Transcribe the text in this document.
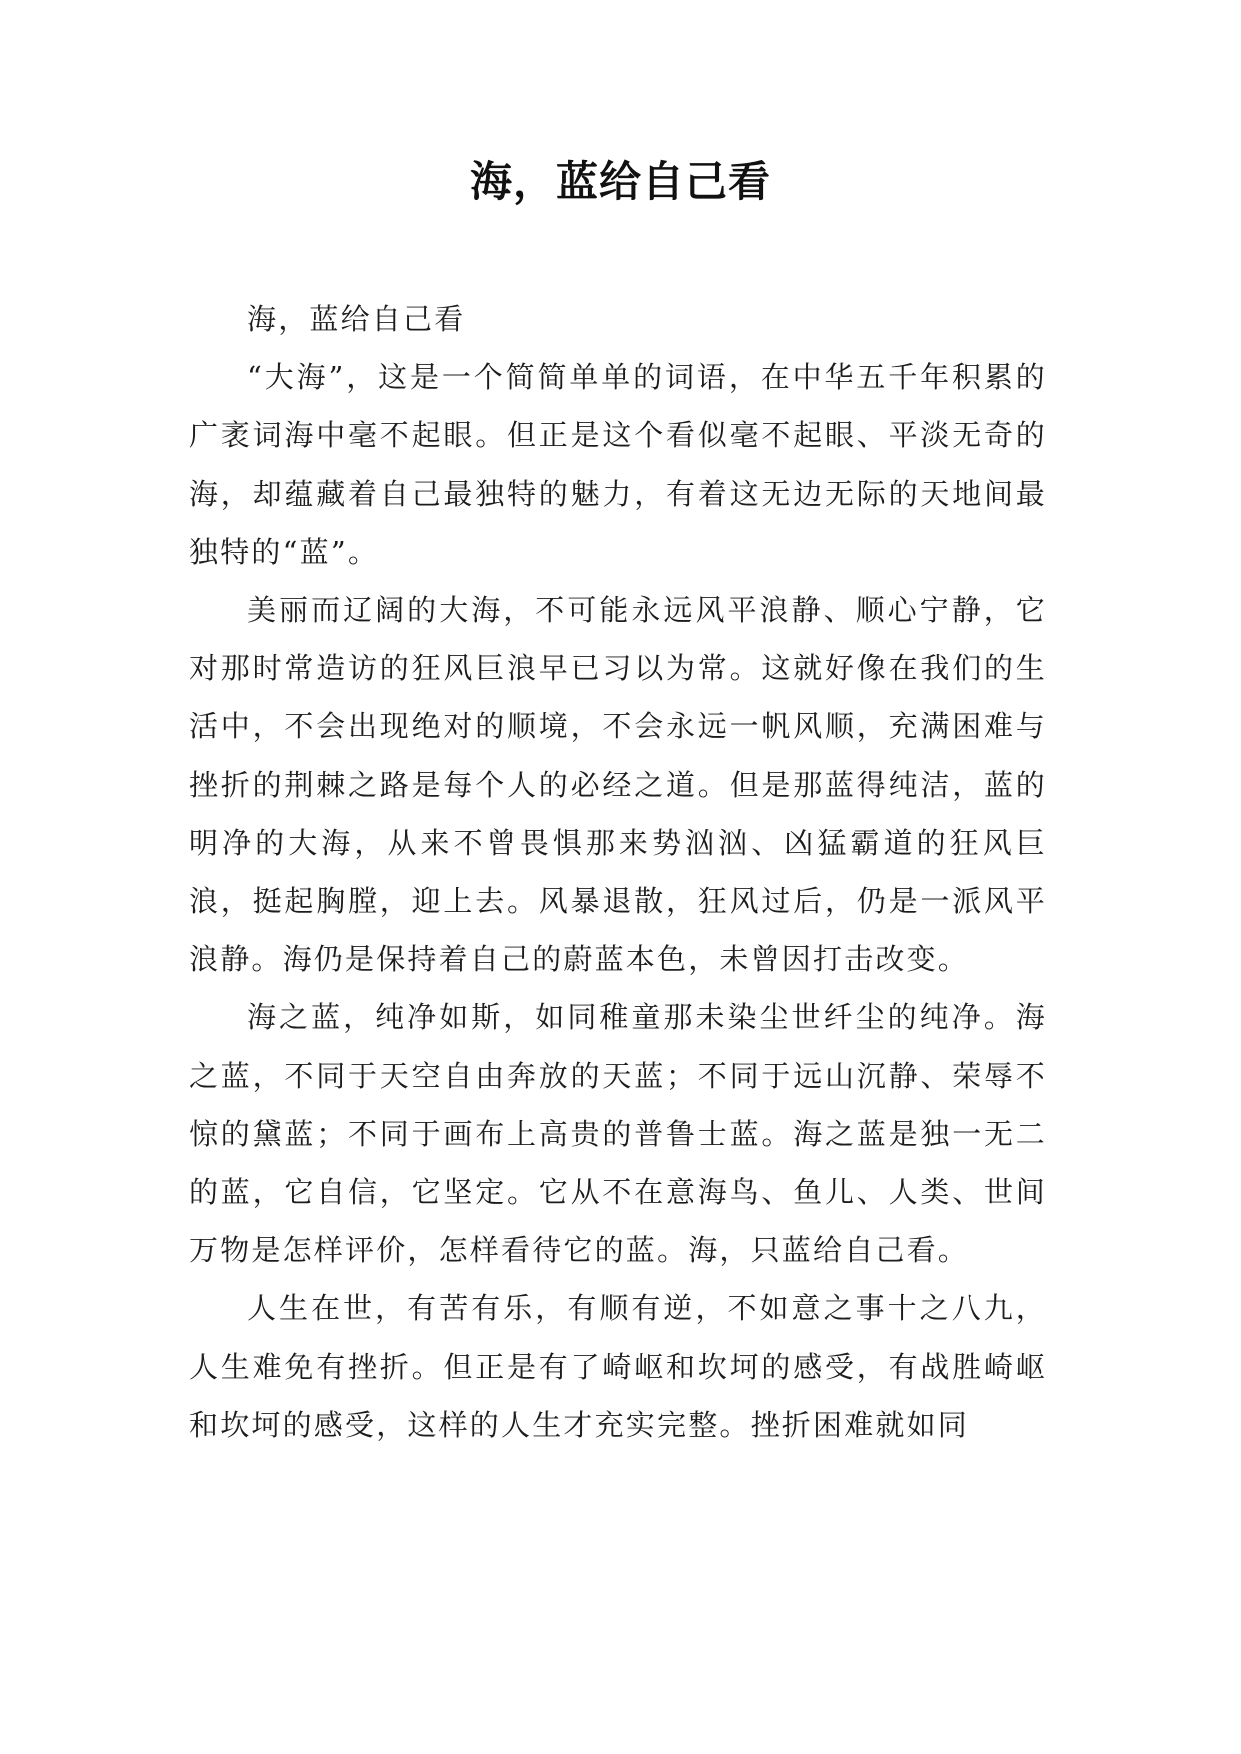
海，蓝给自己看

海，蓝给自己看

“大海”，这是一个简简单单的词语，在中华五千年积累的广袤词海中毫不起眼。但正是这个看似毫不起眼、平淡无奇的海，却蕴藏着自己最独特的魅力，有着这无边无际的天地间最独特的“蓝”。

美丽而辽阔的大海，不可能永远风平浪静、顺心宁静，它对那时常造访的狂风巨浪早已习以为常。这就好像在我们的生活中，不会出现绝对的顺境，不会永远一帆风顺，充满困难与挫折的荆棘之路是每个人的必经之道。但是那蓝得纯洁，蓝的明净的大海，从来不曾畏惧那来势汹汹、凶猛霸道的狂风巨浪，挺起胸膛，迎上去。风暴退散，狂风过后，仍是一派风平浪静。海仍是保持着自己的蔚蓝本色，未曾因打击改变。

海之蓝，纯净如斯，如同稚童那未染尘世纤尘的纯净。海之蓝，不同于天空自由奔放的天蓝；不同于远山沉静、荣辱不惊的黛蓝；不同于画布上高贵的普鲁士蓝。海之蓝是独一无二的蓝，它自信，它坚定。它从不在意海鸟、鱼儿、人类、世间万物是怎样评价，怎样看待它的蓝。海，只蓝给自己看。

人生在世，有苦有乐，有顺有逆，不如意之事十之八九，人生难免有挫折。但正是有了崎岖和坎坷的感受，有战胜崎岖和坎坷的感受，这样的人生才充实完整。挫折困难就如同
